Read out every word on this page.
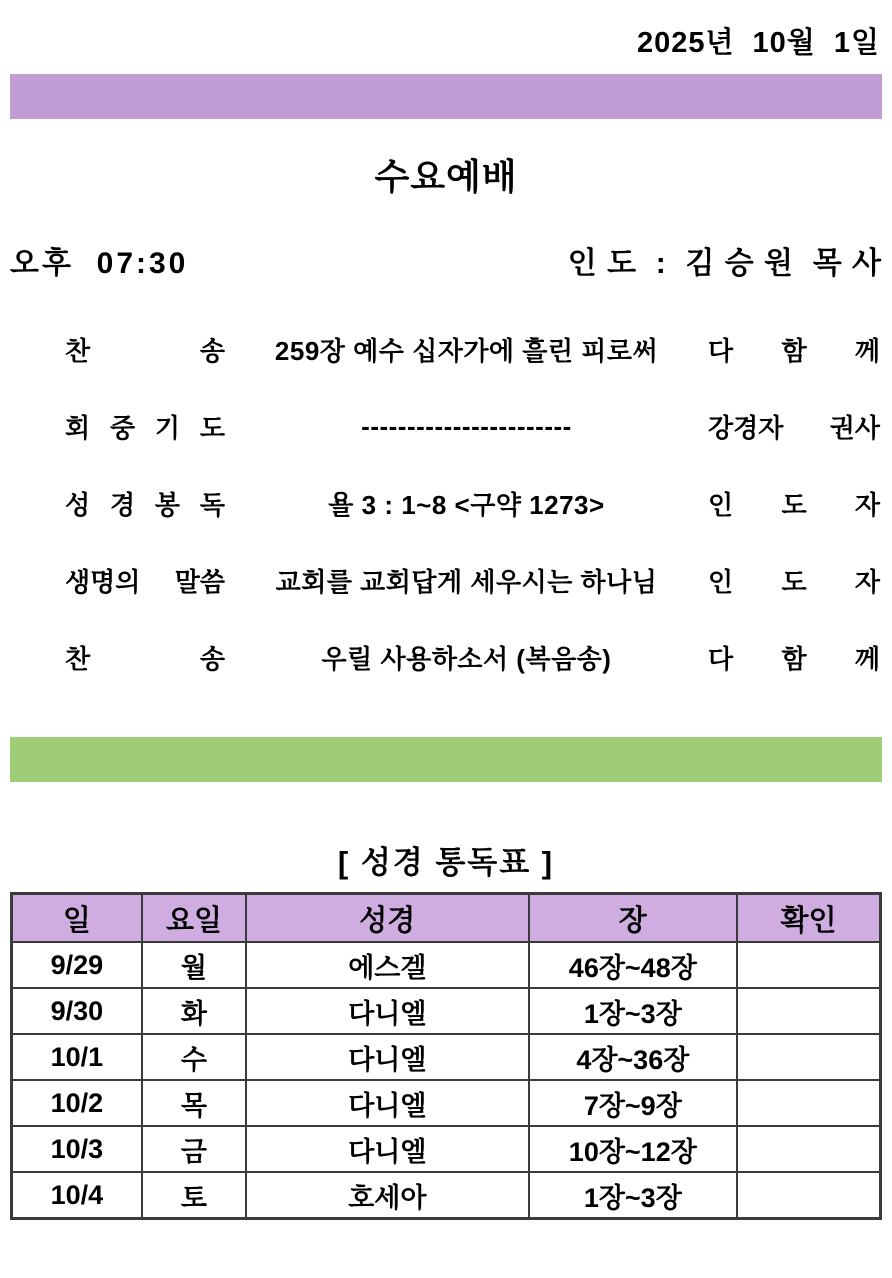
2025년 10월 1일
수요예배
오후  07:30	인 도  :  김 승 원  목 사
찬 송	259장 예수 십자가에 흘린 피로써	다 함 께
회 중 기 도	-----------------------	강경자 권사
성 경 봉 독	욜 3 : 1~8 <구약 1273>	인 도 자
생명의 말씀	교회를 교회답게 세우시는 하나님	인 도 자
찬 송	우릴 사용하소서 (복음송)	다 함 께
[ 성경 통독표 ]
일	요일	성경	장	확인
9/29	월	에스겔	46장~48장	
9/30	화	다니엘	1장~3장	
10/1	수	다니엘	4장~36장	
10/2	목	다니엘	7장~9장	
10/3	금	다니엘	10장~12장	
10/4	토	호세아	1장~3장	
